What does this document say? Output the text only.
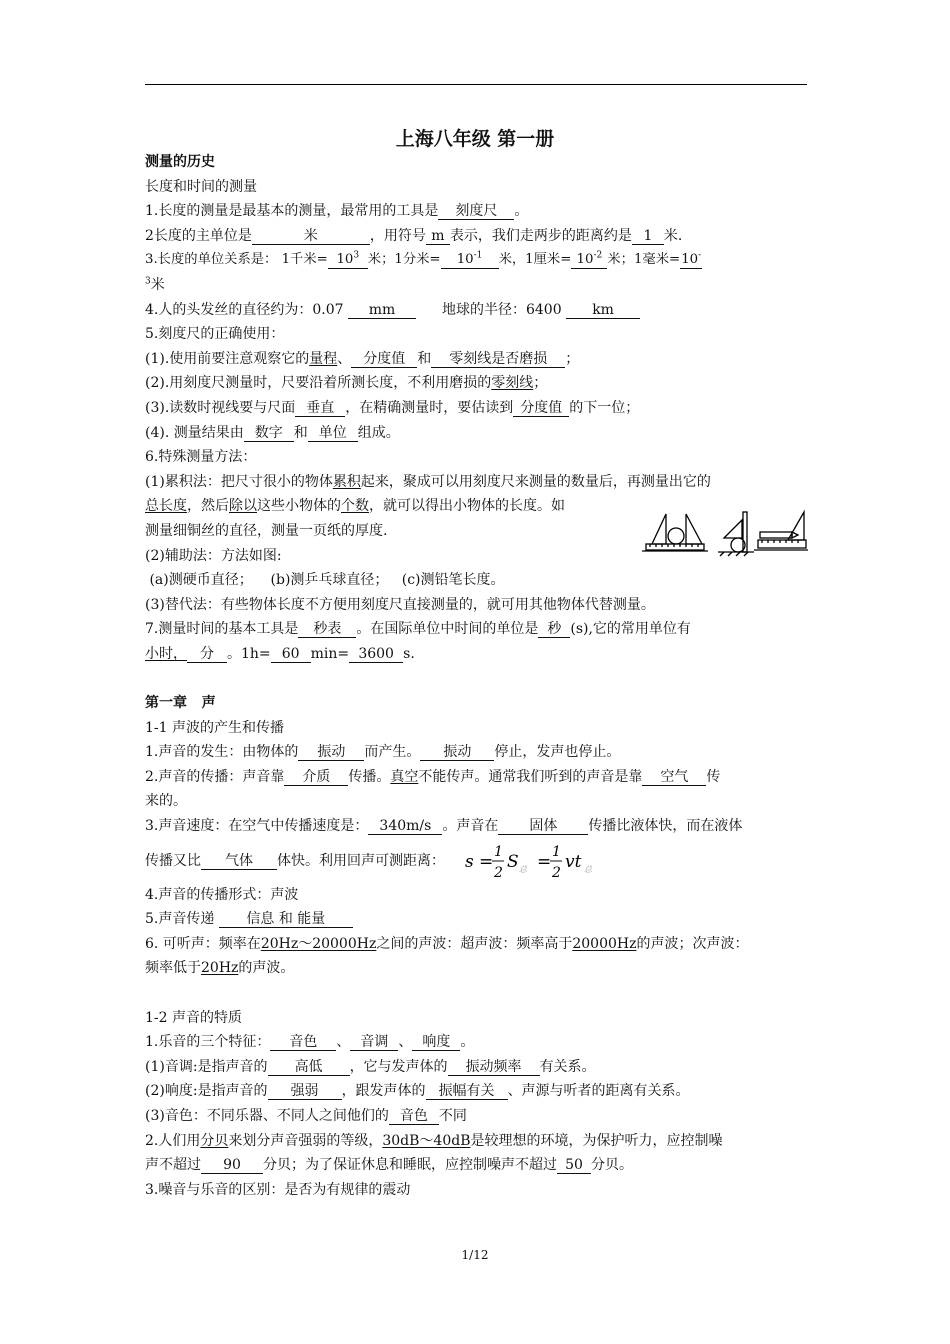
上海八年级 第一册
测量的历史
长度和时间的测量
1.长度的测量是最基本的测量，最常用的工具是 刻度尺 。
2长度的主单位是	米	，用符号 m 表示，我们走两步的距离约是 1 米.
3.长度的单位关系是： 1千米= $10^3$ 米；1分米= $10^{-1}$ 米，1厘米= $10^{-2}$ 米；1毫米=10-
$^3$米
4.人的头发丝的直径约为：0.07 mm	地球的半径：6400 km
5.刻度尺的正确使用：
(1).使用前要注意观察它的量程、 分度值 和 零刻线是否磨损 ；
(2).用刻度尺测量时，尺要沿着所测长度，不利用磨损的零刻线；
(3).读数时视线要与尺面 垂直 ，在精确测量时，要估读到 分度值 的下一位；
(4). 测量结果由 数字 和 单位 组成。
6.特殊测量方法：
(1)累积法：把尺寸很小的物体累积起来，聚成可以用刻度尺来测量的数量后，再测量出它的
总长度，然后除以这些小物体的个数，就可以得出小物体的长度。如
测量细铜丝的直径，测量一页纸的厚度.
(2)辅助法：方法如图:
(a)测硬币直径；    (b)测乒乓球直径；   (c)测铅笔长度。
(3)替代法：有些物体长度不方便用刻度尺直接测量的，就可用其他物体代替测量。
7.测量时间的基本工具是 秒表 。在国际单位中时间的单位是 秒 (s),它的常用单位有
小时， 分 。1h= 60 min= 3600 s.
第一章   声
1-1 声波的产生和传播
1.声音的发生：由物体的 振动 而产生。 振动 停止，发声也停止。
2.声音的传播：声音靠 介质 传播。真空不能传声。通常我们听到的声音是靠 空气 传
来的。
3.声音速度：在空气中传播速度是： 340m/s 。声音在 固体 传播比液体快，而在液体
传播又比 气体 体快。利用回声可测距离： s = 1
2
S 总 = 1
2
vt 总
4.声音的传播形式：声波
5.声音传递 信息 和 能量
6. 可听声：频率在20Hz～20000Hz之间的声波：超声波：频率高于20000Hz的声波；次声波：
频率低于20Hz的声波。
1-2 声音的特质
1.乐音的三个特征： 音色 、 音调 、 响度 。
(1)音调:是指声音的 高低 ，它与发声体的 振动频率 有关系。
(2)响度:是指声音的 强弱 ，跟发声体的 振幅有关 、声源与听者的距离有关系。
(3)音色：不同乐器、不同人之间他们的 音色 不同
2.人们用分贝来划分声音强弱的等级，30dB～40dB是较理想的环境，为保护听力，应控制噪
声不超过 90 分贝；为了保证休息和睡眠，应控制噪声不超过 50 分贝。
3.噪音与乐音的区别：是否为有规律的震动
1/12
